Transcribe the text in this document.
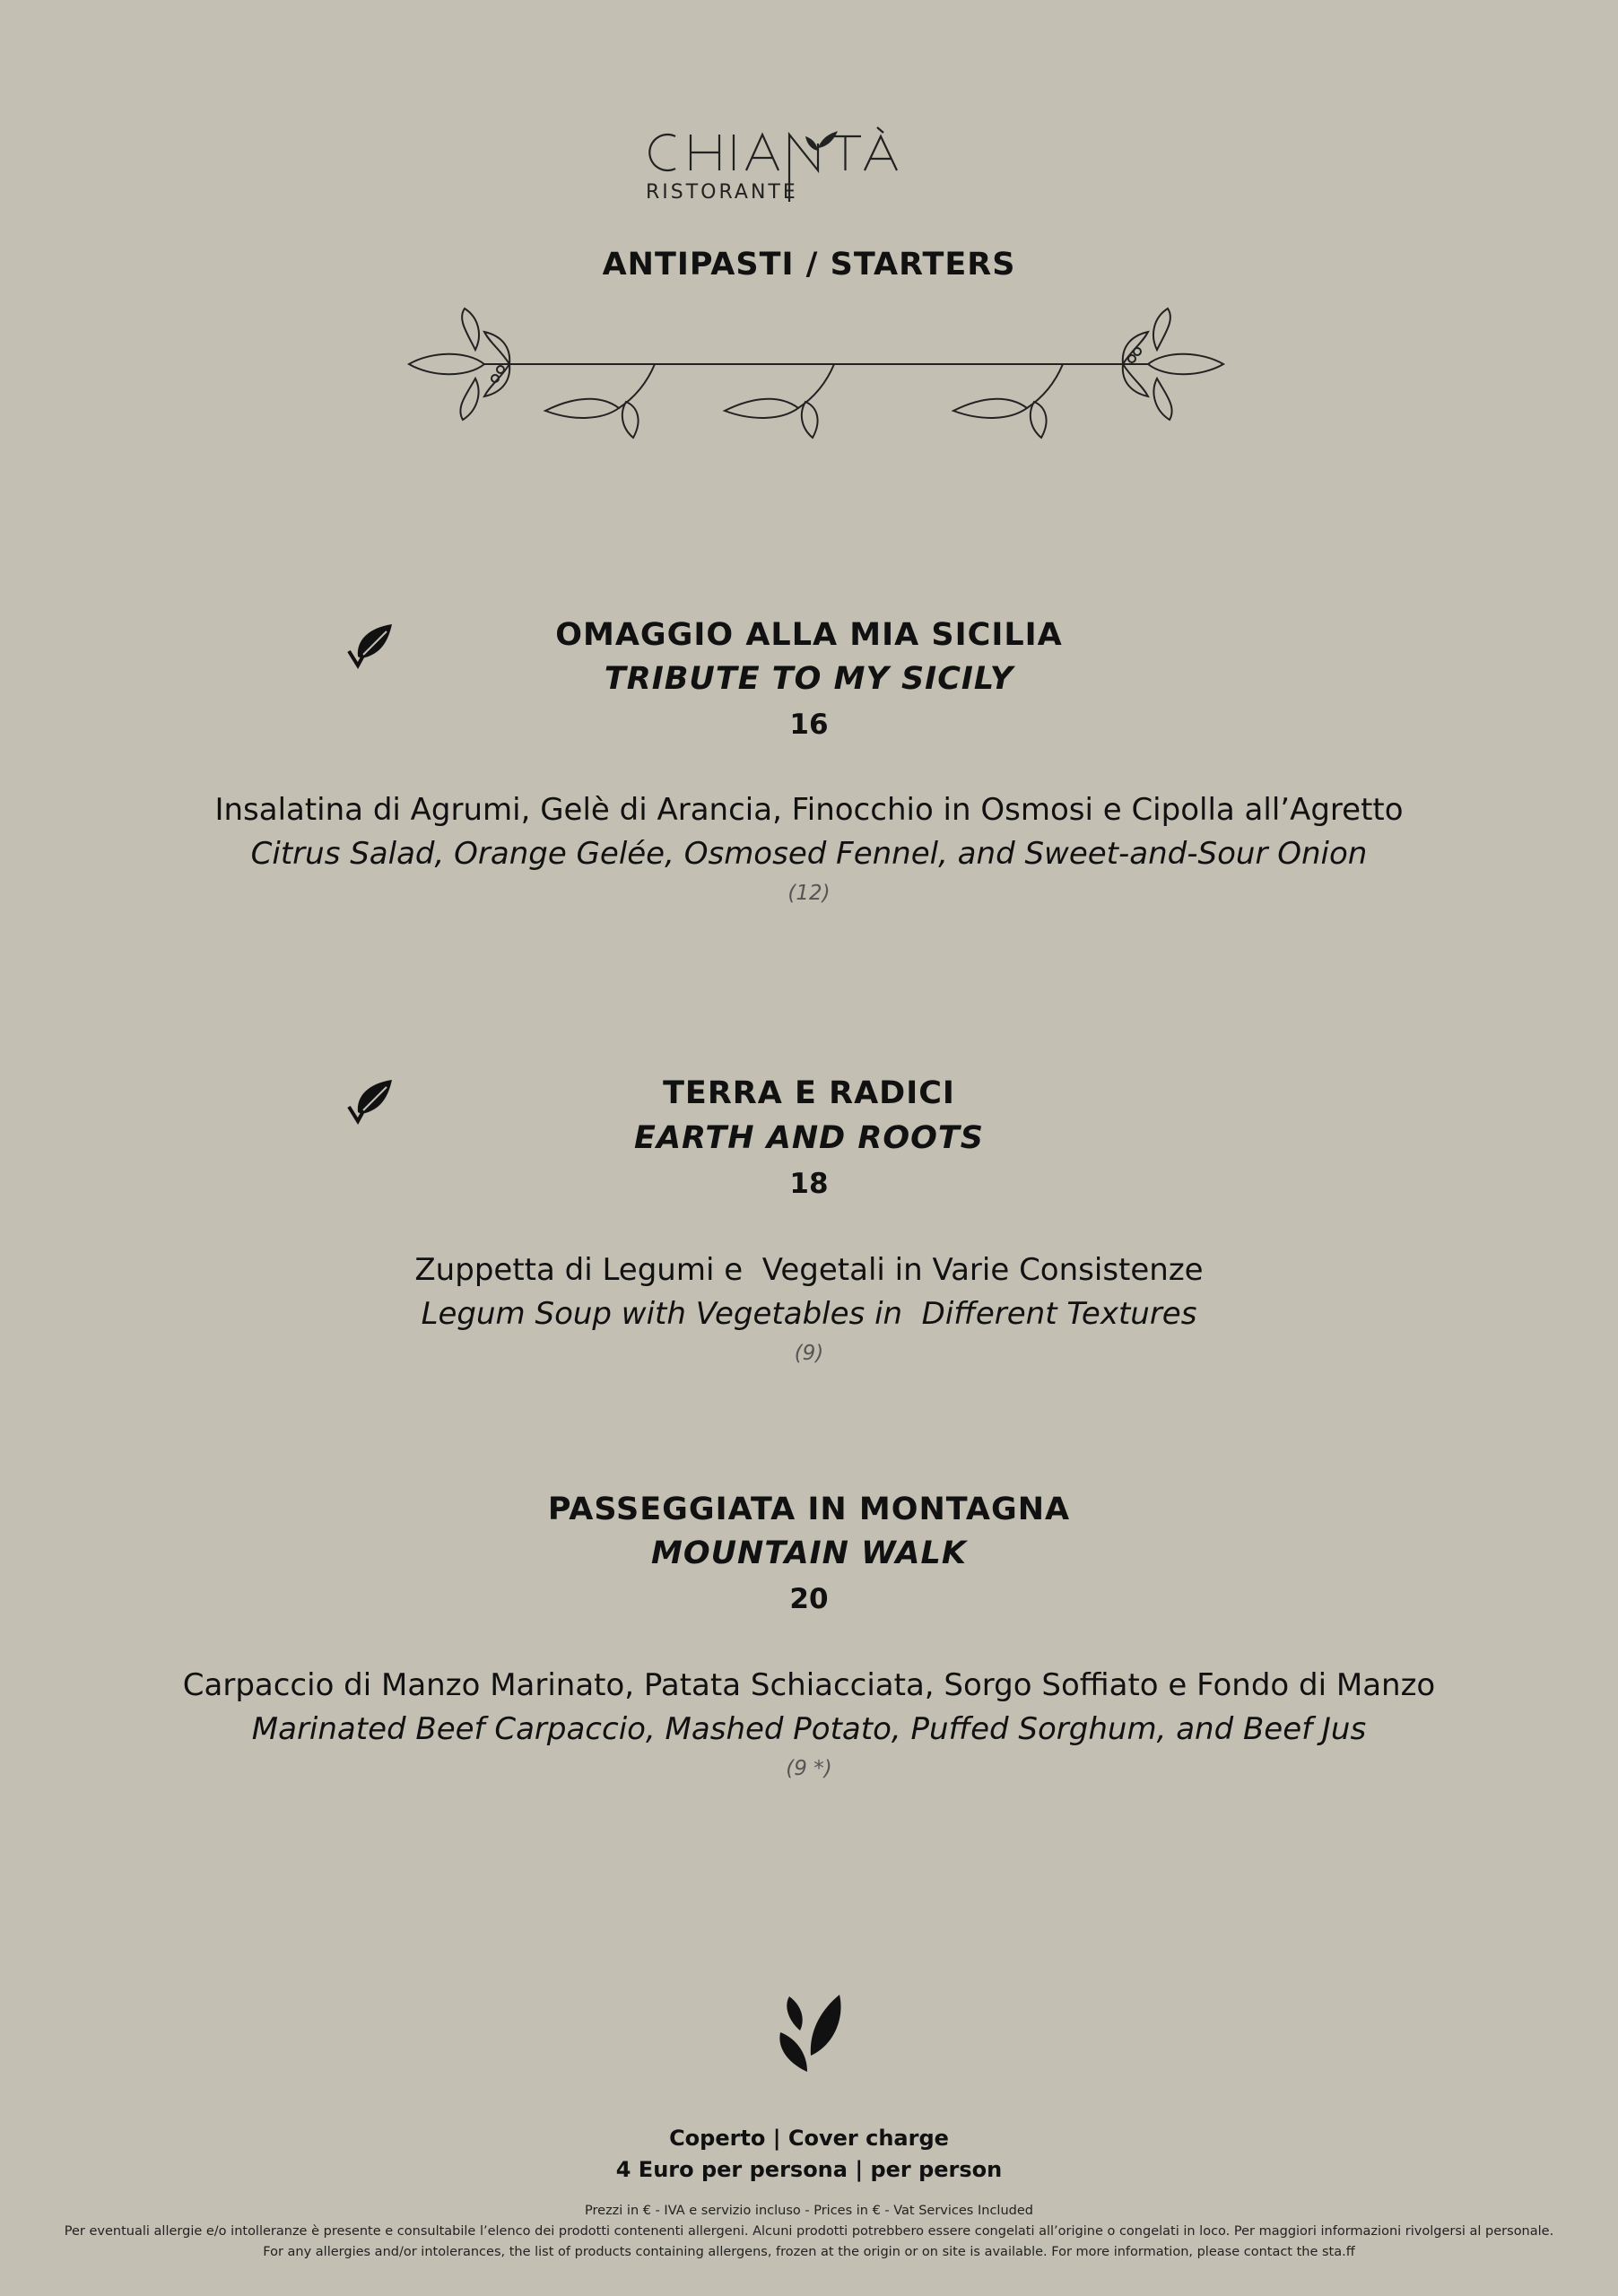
RISTORANTE
ANTIPASTI / STARTERS
OMAGGIO ALLA MIA SICILIA
TRIBUTE TO MY SICILY
16
Insalatina di Agrumi, Gelè di Arancia, Finocchio in Osmosi e Cipolla all’Agretto
Citrus Salad, Orange Gelée, Osmosed Fennel, and Sweet-and-Sour Onion
(12)
TERRA E RADICI
EARTH AND ROOTS
18
Zuppetta di Legumi e  Vegetali in Varie Consistenze
Legum Soup with Vegetables in  Different Textures
(9)
PASSEGGIATA IN MONTAGNA
MOUNTAIN WALK
20
Carpaccio di Manzo Marinato, Patata Schiacciata, Sorgo Soffiato e Fondo di Manzo
Marinated Beef Carpaccio, Mashed Potato, Puffed Sorghum, and Beef Jus
(9 *)
Coperto | Cover charge
4 Euro per persona | per person
Prezzi in € - IVA e servizio incluso - Prices in € - Vat Services Included
Per eventuali allergie e/o intolleranze è presente e consultabile l’elenco dei prodotti contenenti allergeni. Alcuni prodotti potrebbero essere congelati all’origine o congelati in loco. Per maggiori informazioni rivolgersi al personale.
For any allergies and/or intolerances, the list of products containing allergens, frozen at the origin or on site is available. For more information, please contact the sta.ff
